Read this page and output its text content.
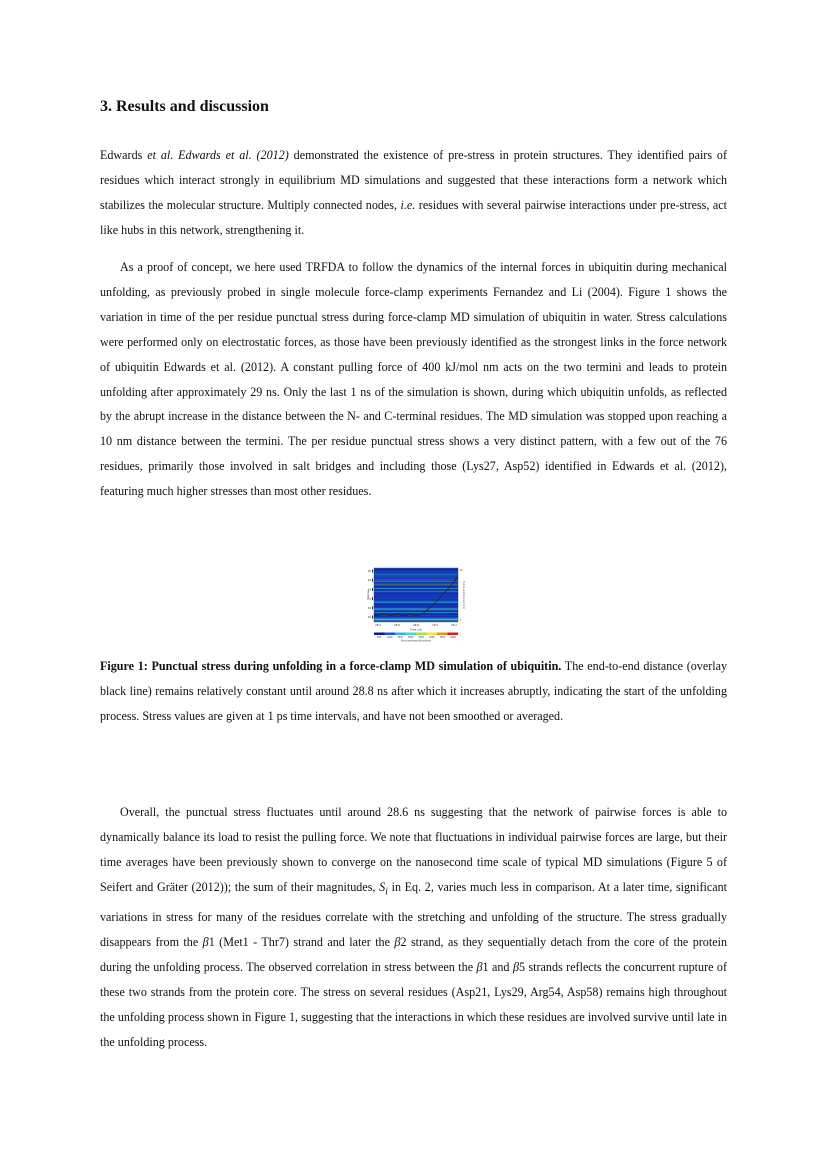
3. Results and discussion

Edwards et al. Edwards et al. (2012) demonstrated the existence of pre-stress in protein structures. They identified pairs of residues which interact strongly in equilibrium MD simulations and suggested that these interactions form a network which stabilizes the molecular structure. Multiply connected nodes, i.e. residues with several pairwise interactions under pre-stress, act like hubs in this network, strengthening it.

As a proof of concept, we here used TRFDA to follow the dynamics of the internal forces in ubiquitin during mechanical unfolding, as previously probed in single molecule force-clamp experiments Fernandez and Li (2004). Figure 1 shows the variation in time of the per residue punctual stress during force-clamp MD simulation of ubiquitin in water. Stress calculations were performed only on electrostatic forces, as those have been previously identified as the strongest links in the force network of ubiquitin Edwards et al. (2012). A constant pulling force of 400 kJ/mol nm acts on the two termini and leads to protein unfolding after approximately 29 ns. Only the last 1 ns of the simulation is shown, during which ubiquitin unfolds, as reflected by the abrupt increase in the distance between the N- and C-terminal residues. The MD simulation was stopped upon reaching a 10 nm distance between the termini. The per residue punctual stress shows a very distinct pattern, with a few out of the 76 residues, primarily those involved in salt bridges and including those (Lys27, Asp52) identified in Edwards et al. (2012), featuring much higher stresses than most other residues.

β5
β4
β3
α
β2
β1
28.4	28.6	28.8	29.0	29.2
Time (ns)
Residue	End-to-end distance (nm)
10
2
500	1000 1500 2000 2500 3000 3500 4000
Punctual stress (kJ/mol/nm)

Figure 1: Punctual stress during unfolding in a force-clamp MD simulation of ubiquitin. The end-to-end distance (overlay black line) remains relatively constant until around 28.8 ns after which it increases abruptly, indicating the start of the unfolding process. Stress values are given at 1 ps time intervals, and have not been smoothed or averaged.

Overall, the punctual stress fluctuates until around 28.6 ns suggesting that the network of pairwise forces is able to dynamically balance its load to resist the pulling force. We note that fluctuations in individual pairwise forces are large, but their time averages have been previously shown to converge on the nanosecond time scale of typical MD simulations (Figure 5 of Seifert and Gräter (2012)); the sum of their magnitudes, $S_i$ in Eq. 2, varies much less in comparison. At a later time, significant variations in stress for many of the residues correlate with the stretching and unfolding of the structure. The stress gradually disappears from the β1 (Met1 - Thr7) strand and later the β2 strand, as they sequentially detach from the core of the protein during the unfolding process. The observed correlation in stress between the β1 and β5 strands reflects the concurrent rupture of these two strands from the protein core. The stress on several residues (Asp21, Lys29, Arg54, Asp58) remains high throughout the unfolding process shown in Figure 1, suggesting that the interactions in which these residues are involved survive until late in the unfolding process.
